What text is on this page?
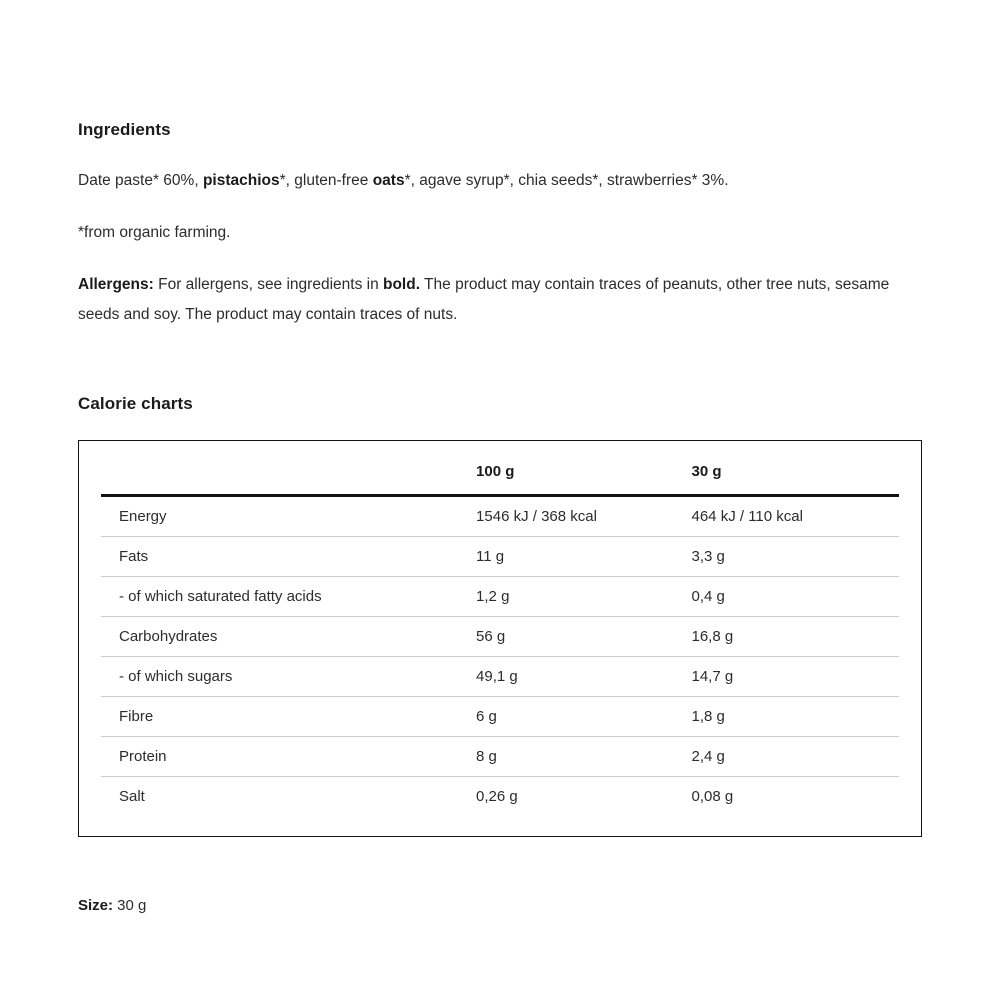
Ingredients

Date paste* 60%, pistachios*, gluten-free oats*, agave syrup*, chia seeds*, strawberries* 3%.

*from organic farming.

Allergens: For allergens, see ingredients in bold. The product may contain traces of peanuts, other tree nuts, sesame seeds and soy. The product may contain traces of nuts.

Calorie charts
	100 g	30 g
Energy	1546 kJ / 368 kcal	464 kJ / 110 kcal
Fats	11 g	3,3 g
- of which saturated fatty acids	1,2 g	0,4 g
Carbohydrates	56 g	16,8 g
- of which sugars	49,1 g	14,7 g
Fibre	6 g	1,8 g
Protein	8 g	2,4 g
Salt	0,26 g	0,08 g
Size: 30 g
